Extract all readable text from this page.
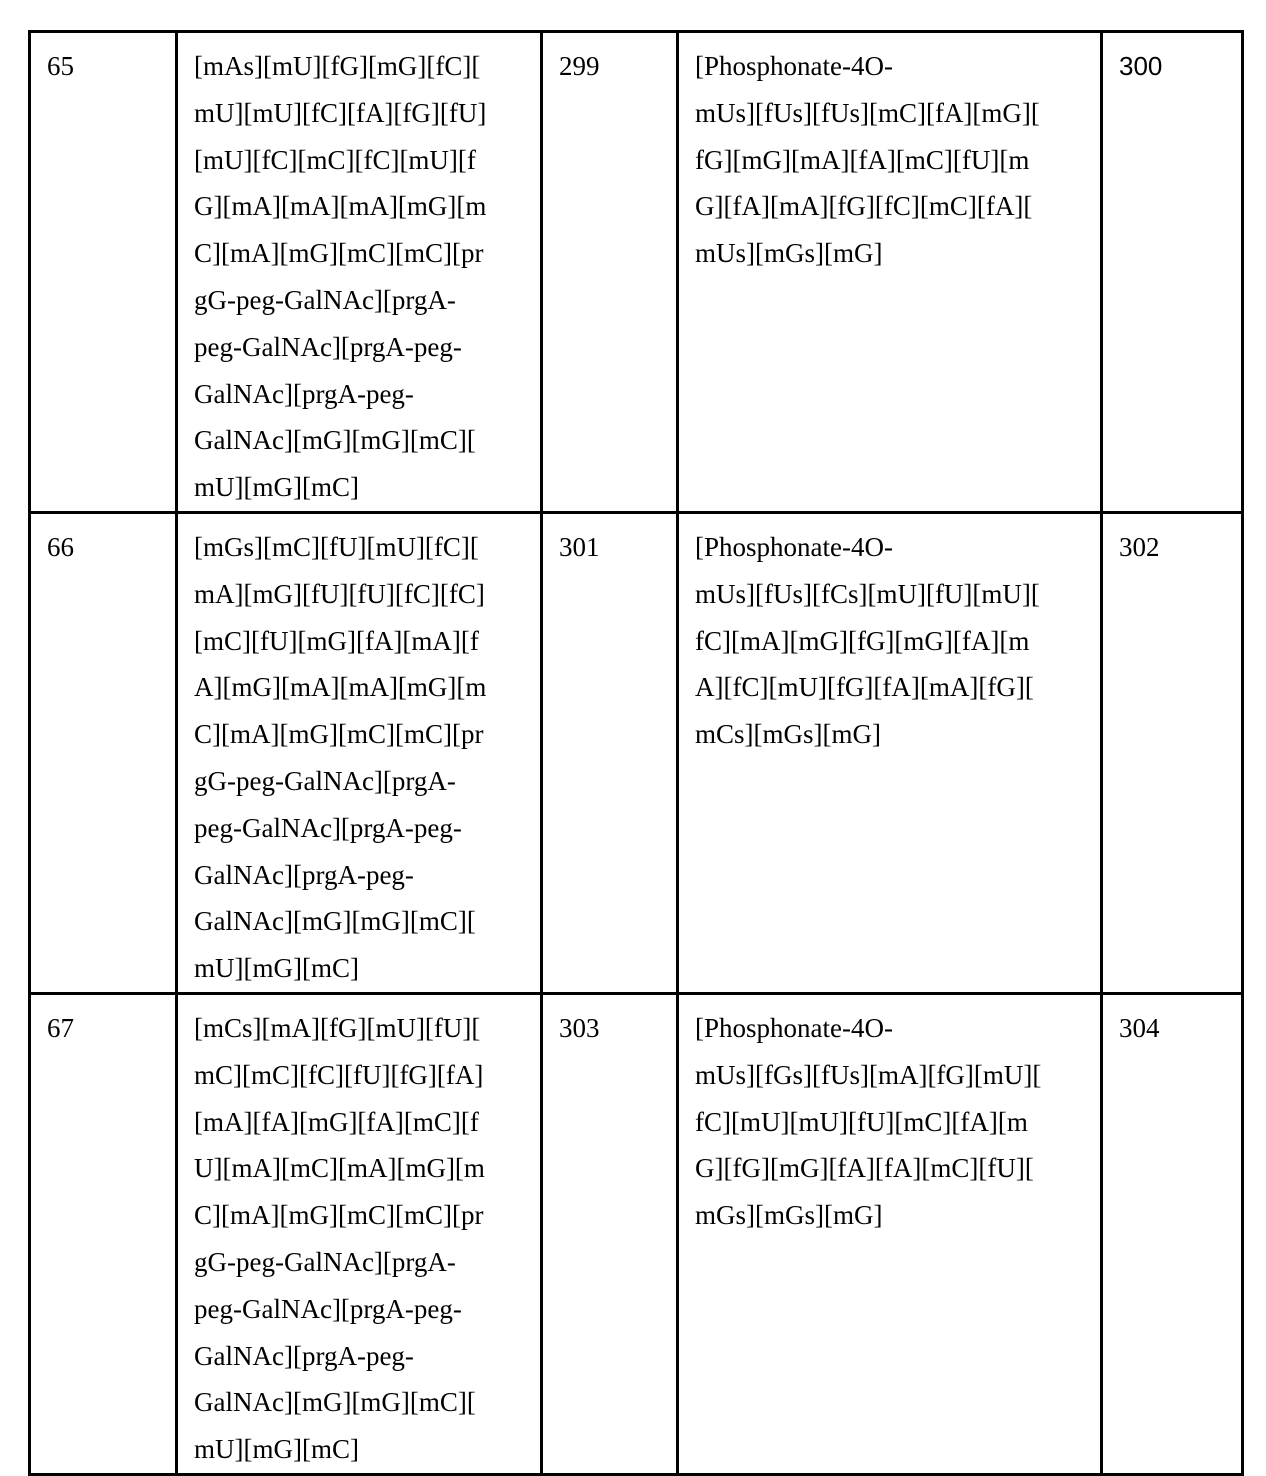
65	[mAs][mU][fG][mG][fC][
mU][mU][fC][fA][fG][fU]
[mU][fC][mC][fC][mU][f
G][mA][mA][mA][mG][m
C][mA][mG][mC][mC][pr
gG-peg-GalNAc][prgA-
peg-GalNAc][prgA-peg-
GalNAc][prgA-peg-
GalNAc][mG][mG][mC][
mU][mG][mC]
	299	[Phosphonate-4O-
mUs][fUs][fUs][mC][fA][mG][
fG][mG][mA][fA][mC][fU][m
G][fA][mA][fG][fC][mC][fA][
mUs][mGs][mG]
	300
66	[mGs][mC][fU][mU][fC][
mA][mG][fU][fU][fC][fC]
[mC][fU][mG][fA][mA][f
A][mG][mA][mA][mG][m
C][mA][mG][mC][mC][pr
gG-peg-GalNAc][prgA-
peg-GalNAc][prgA-peg-
GalNAc][prgA-peg-
GalNAc][mG][mG][mC][
mU][mG][mC]
	301	[Phosphonate-4O-
mUs][fUs][fCs][mU][fU][mU][
fC][mA][mG][fG][mG][fA][m
A][fC][mU][fG][fA][mA][fG][
mCs][mGs][mG]
	302
67	[mCs][mA][fG][mU][fU][
mC][mC][fC][fU][fG][fA]
[mA][fA][mG][fA][mC][f
U][mA][mC][mA][mG][m
C][mA][mG][mC][mC][pr
gG-peg-GalNAc][prgA-
peg-GalNAc][prgA-peg-
GalNAc][prgA-peg-
GalNAc][mG][mG][mC][
mU][mG][mC]
	303	[Phosphonate-4O-
mUs][fGs][fUs][mA][fG][mU][
fC][mU][mU][fU][mC][fA][m
G][fG][mG][fA][fA][mC][fU][
mGs][mGs][mG]
	304
